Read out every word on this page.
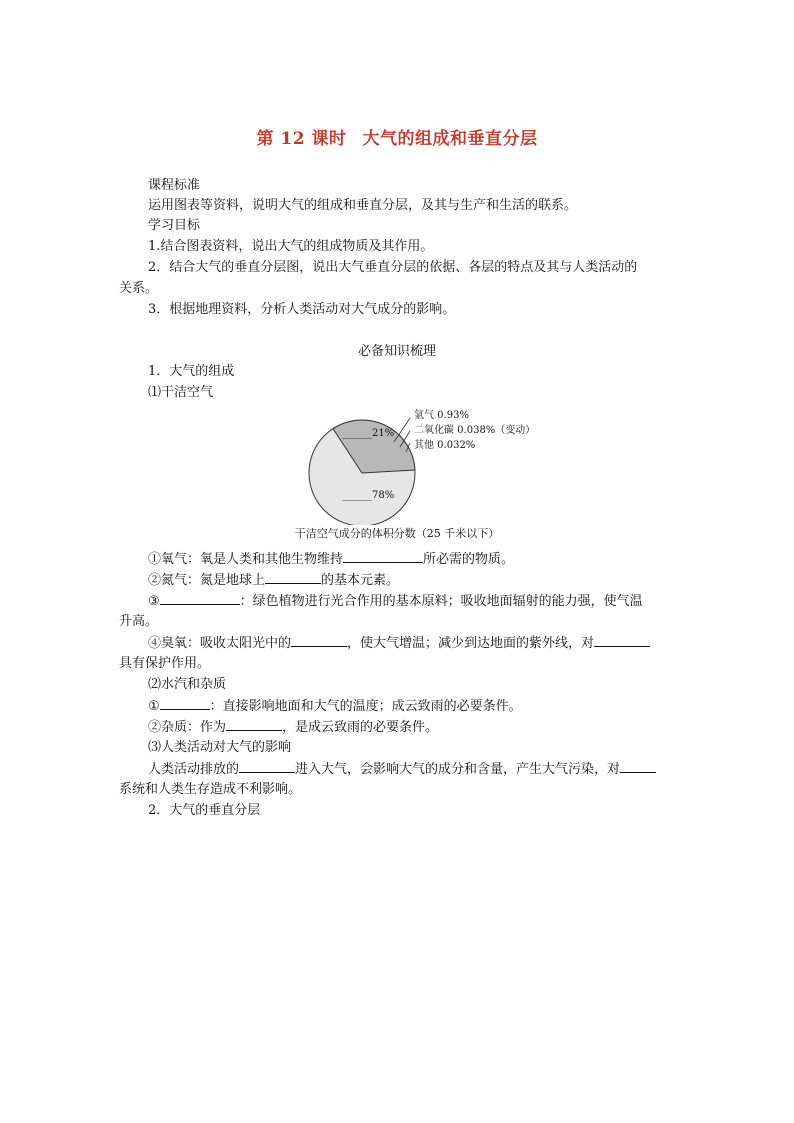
第 12 课时 大气的组成和垂直分层
课程标准
运用图表等资料，说明大气的组成和垂直分层，及其与生产和生活的联系。
学习目标
1.结合图表资料，说出大气的组成物质及其作用。
2．结合大气的垂直分层图，说出大气垂直分层的依据、各层的特点及其与人类活动的
关系。
3．根据地理资料，分析人类活动对大气成分的影响。
必备知识梳理
1．大气的组成
⑴干洁空气
______21%
______78%
氩气 0.93%
二氧化碳 0.038%（变动）
其他 0.032%
干洁空气成分的体积分数（25 千米以下）
①氧气：氧是人类和其他生物维持	所必需的物质。
②氮气：氮是地球上	的基本元素。
③	：绿色植物进行光合作用的基本原料；吸收地面辐射的能力强，使气温
升高。
④臭氧：吸收太阳光中的	，使大气增温；减少到达地面的紫外线，对
具有保护作用。
⑵水汽和杂质
①	：直接影响地面和大气的温度；成云致雨的必要条件。
②杂质：作为	，是成云致雨的必要条件。
⑶人类活动对大气的影响
人类活动排放的	进入大气，会影响大气的成分和含量，产生大气污染，对
系统和人类生存造成不利影响。
2．大气的垂直分层
